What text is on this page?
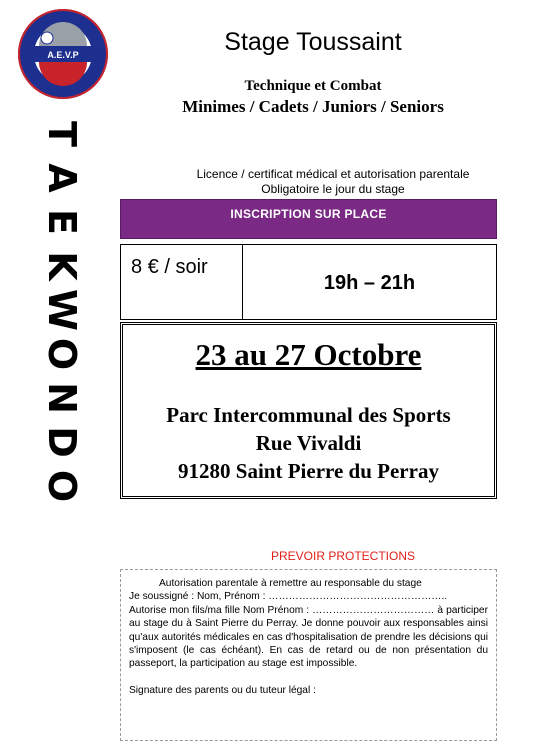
A.E.V.P
T
A
E
K
W
O
N
D
O
Stage Toussaint
Technique et Combat
Minimes / Cadets / Juniors / Seniors
Licence / certificat médical et autorisation parentale
Obligatoire le jour du stage
INSCRIPTION SUR PLACE
8 € / soir
19h – 21h
23 au 27 Octobre
Parc Intercommunal des Sports
Rue Vivaldi
91280 Saint Pierre du Perray
PREVOIR PROTECTIONS

Autorisation parentale à remettre au responsable du stage

Je soussigné : Nom, Prénom : ……………………………………………..

Autorise mon fils/ma fille Nom Prénom : ……………………………… à participer au stage du à Saint Pierre du Perray. Je donne pouvoir aux responsables ainsi qu'aux autorités médicales en cas d'hospitalisation de prendre les décisions qui s'imposent (le cas échéant). En cas de retard ou de non présentation du passeport, la participation au stage est impossible.

Signature des parents ou du tuteur légal :
